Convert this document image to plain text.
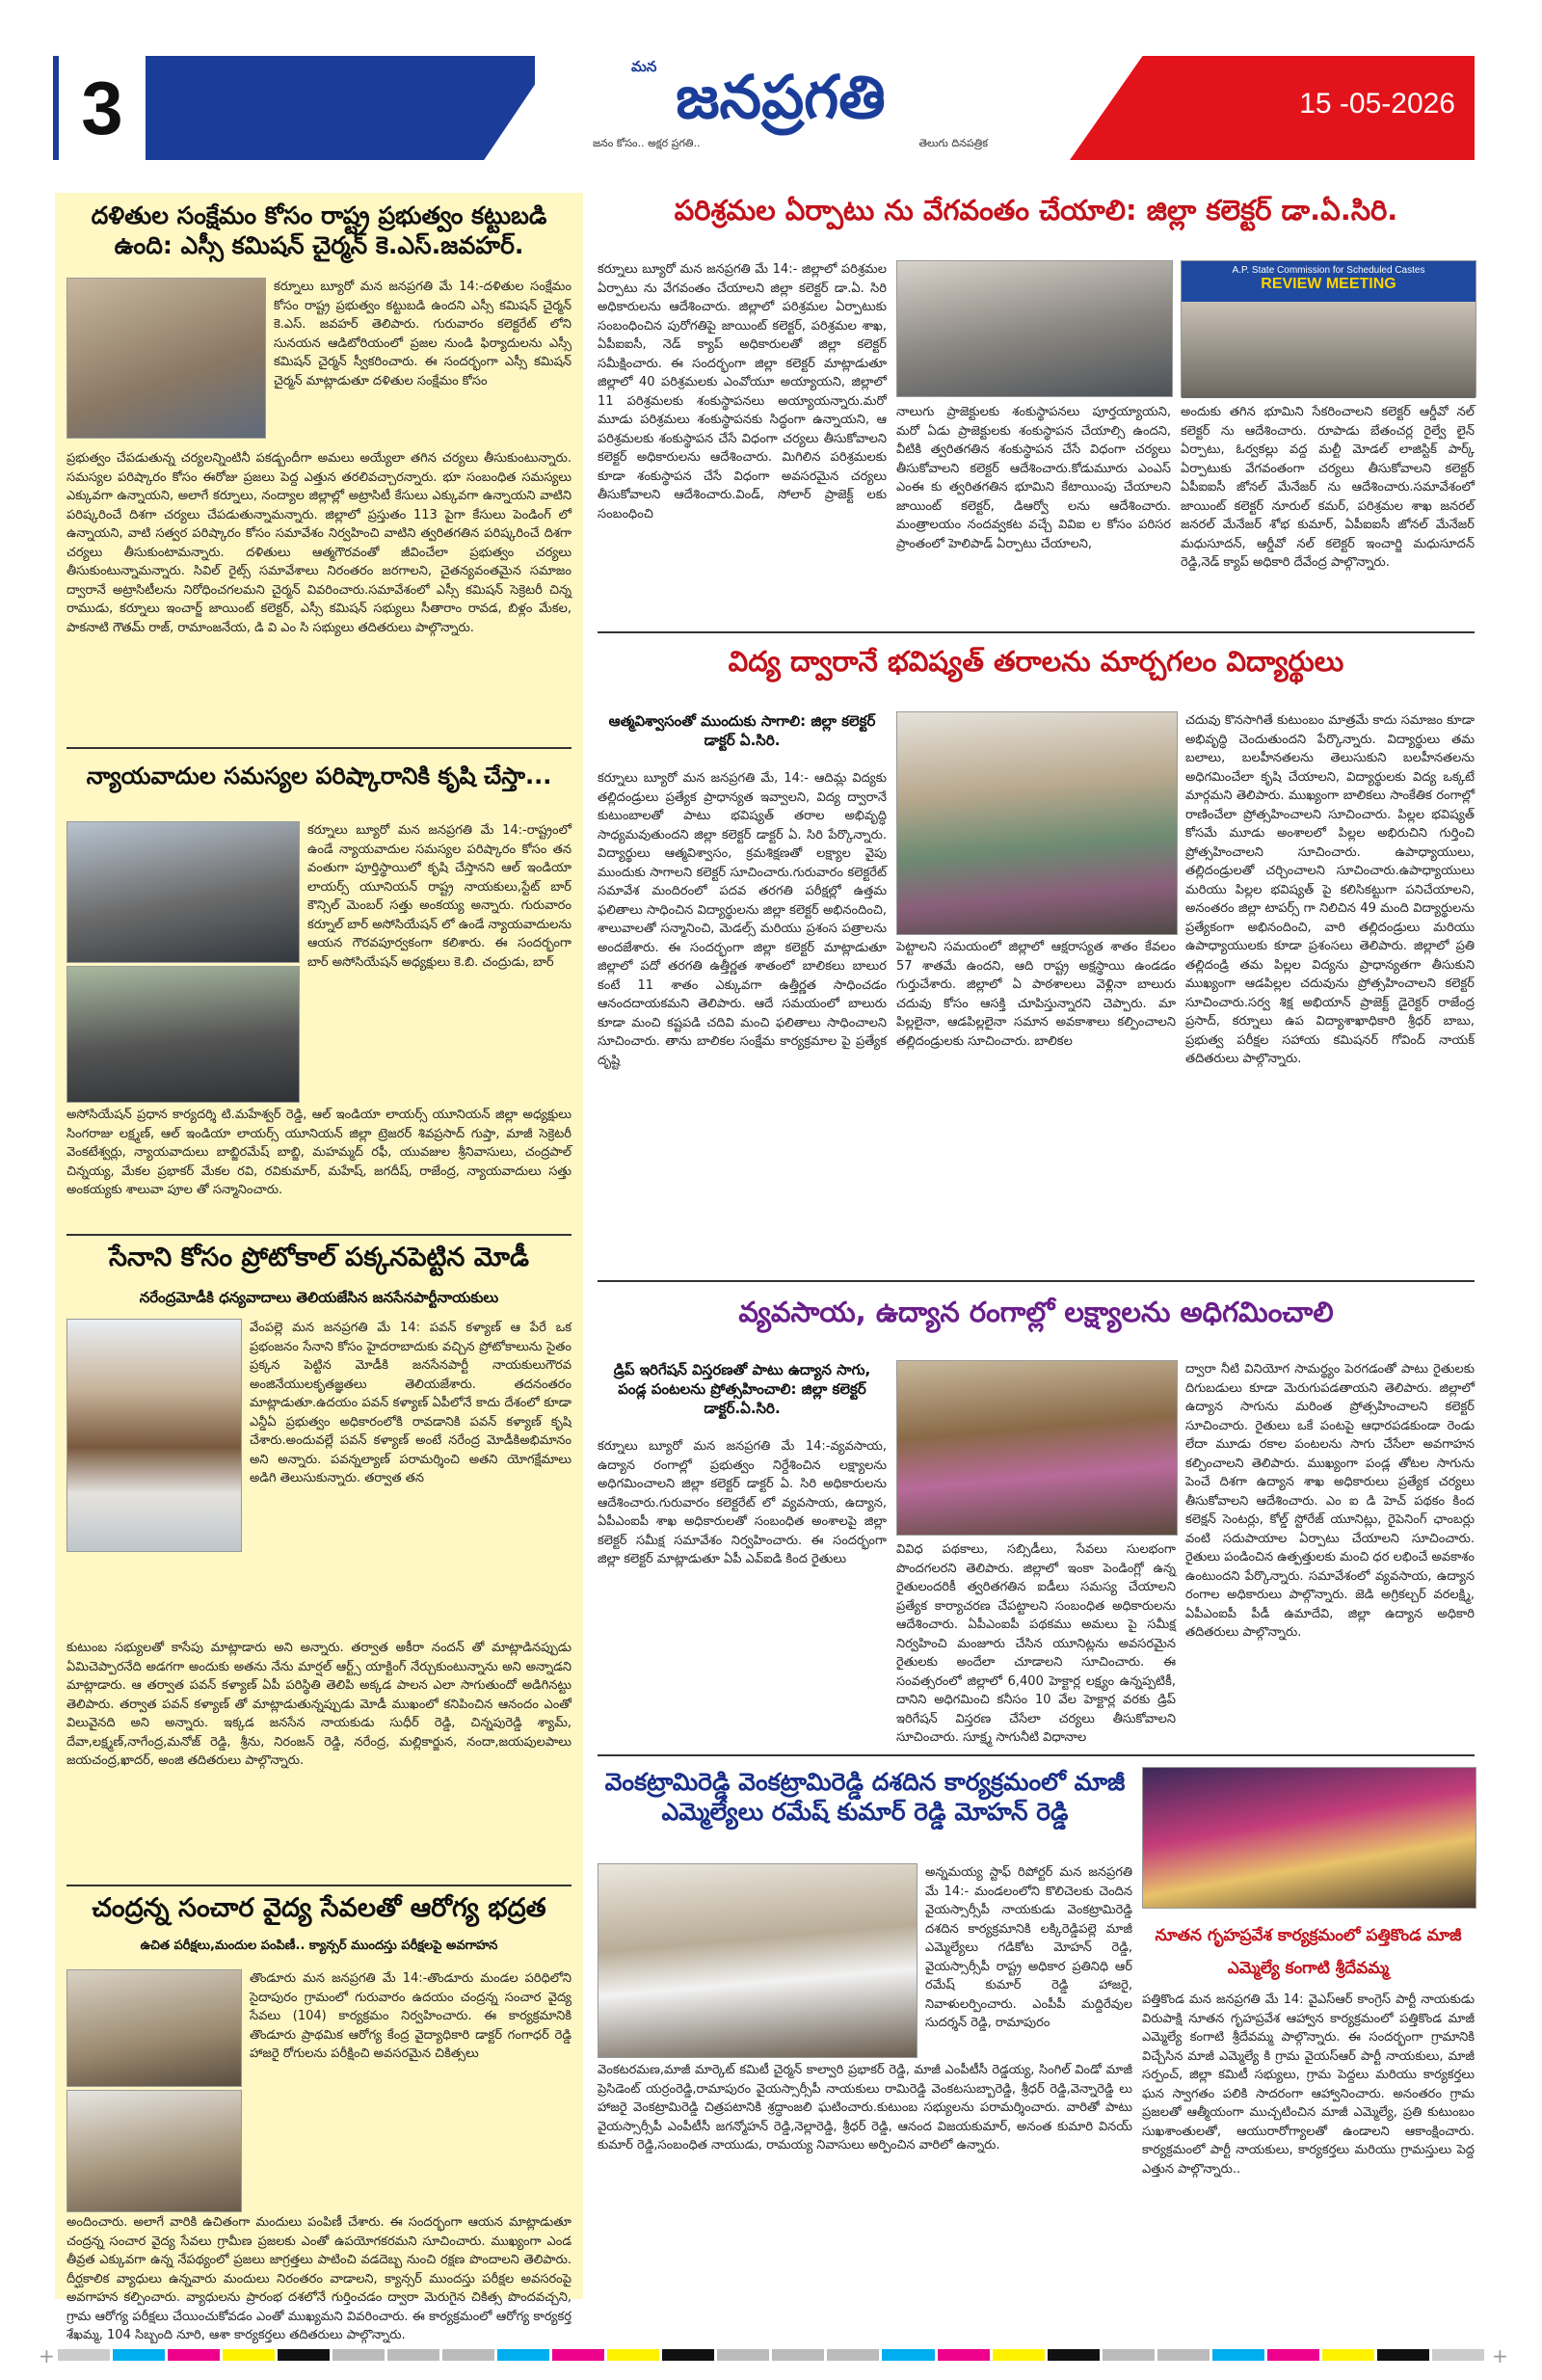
3	మన జనప్రగతి
జనం కోసం.. అక్షర ప్రగతి..	తెలుగు దినపత్రిక
15 -05-2026
దళితుల సంక్షేమం కోసం రాష్ట్ర ప్రభుత్వం కట్టుబడి ఉంది: ఎస్సీ కమిషన్ చైర్మన్ కె.ఎస్.జవహర్.
కర్నూలు బ్యూరో మన జనప్రగతి మే 14:-దళితుల సంక్షేమం కోసం రాష్ట్ర ప్రభుత్వం కట్టుబడి ఉందని ఎస్సీ కమిషన్ చైర్మన్ కె.ఎస్. జవహర్ తెలిపారు. గురువారం కలెక్టరేట్ లోని సునయన ఆడిటోరియంలో ప్రజల నుండి ఫిర్యాదులను ఎస్సీ కమిషన్ చైర్మన్ స్వీకరించారు. ఈ సందర్భంగా ఎస్సీ కమిషన్ చైర్మన్ మాట్లాడుతూ దళితుల సంక్షేమం కోసం
ప్రభుత్వం చేపడుతున్న చర్యలన్నింటినీ పకడ్బందీగా అమలు అయ్యేలా తగిన చర్యలు తీసుకుంటున్నారు. సమస్యల పరిష్కారం కోసం ఈరోజు ప్రజలు పెద్ద ఎత్తున తరలివచ్చారన్నారు. భూ సంబంధిత సమస్యలు ఎక్కువగా ఉన్నాయని, అలాగే కర్నూలు, నంద్యాల జిల్లాల్లో అట్రాసిటీ కేసులు ఎక్కువగా ఉన్నాయని వాటిని పరిష్కరించే దిశగా చర్యలు చేపడుతున్నామన్నారు. జిల్లాలో ప్రస్తుతం 113 పైగా కేసులు పెండింగ్ లో ఉన్నాయని, వాటి సత్వర పరిష్కారం కోసం సమావేశం నిర్వహించి వాటిని త్వరితగతిన పరిష్కరించే దిశగా చర్యలు తీసుకుంటామన్నారు. దళితులు ఆత్మగౌరవంతో జీవించేలా ప్రభుత్వం చర్యలు తీసుకుంటున్నామన్నారు. సివిల్ రైట్స్ సమావేశాలు నిరంతరం జరగాలని, చైతన్యవంతమైన సమాజం ద్వారానే అట్రాసిటీలను నిరోధించగలమని చైర్మన్ వివరించారు.సమావేశంలో ఎస్సీ కమిషన్ సెక్రెటరీ చిన్న రాముడు, కర్నూలు ఇంచార్జ్ జాయింట్ కలెక్టర్, ఎస్సీ కమిషన్ సభ్యులు సీతారాం రావడ, బిళ్లం మేకల, పాకనాటి గౌతమ్ రాజ్, రామాంజనేయ, డి వి ఎం సి సభ్యులు తదితరులు పాల్గొన్నారు.
న్యాయవాదుల సమస్యల పరిష్కారానికి కృషి చేస్తా...
కర్నూలు బ్యూరో మన జనప్రగతి మే 14:-రాష్ట్రంలో ఉండే న్యాయవాదుల సమస్యల పరిష్కారం కోసం తన వంతుగా పూర్తిస్థాయిలో కృషి చేస్తానని ఆల్ ఇండియా లాయర్స్ యూనియన్ రాష్ట్ర నాయకులు,స్టేట్ బార్ కౌన్సిల్ మెంబర్ సత్తు అంకయ్య అన్నారు. గురువారం కర్నూల్ బార్ అసోసియేషన్ లో ఉండే న్యాయవాదులను ఆయన గౌరవపూర్వకంగా కలిశారు. ఈ సందర్భంగా బార్ అసోసియేషన్ అధ్యక్షులు కె.బి. చంద్రుడు, బార్
అసోసియేషన్ ప్రధాన కార్యదర్శి టి.మహేశ్వర్ రెడ్డి, ఆల్ ఇండియా లాయర్స్ యూనియన్ జిల్లా అధ్యక్షులు సింగరాజు లక్ష్మణ్, ఆల్ ఇండియా లాయర్స్ యూనియన్ జిల్లా ట్రెజరర్ శివప్రసాద్ గుప్తా, మాజీ సెక్రెటరీ వెంకటేశ్వర్లు, న్యాయవాదులు బాబ్జిరమేష్ బాబ్జి, మహమ్మద్ రఫీ, యువజుల శ్రీనివాసులు, చంద్రపాల్ చిన్నయ్య, మేకల ప్రభాకర్ మేకల రవి, రవికుమార్, మహేష్, జగదీష్, రాజేంద్ర, న్యాయవాదులు సత్తు అంకయ్యకు శాలువా పూల తో సన్మానించారు.
సేనాని కోసం ప్రోటోకాల్ పక్కనపెట్టిన మోడీ
నరేంద్రమోడీకి ధన్యవాదాలు తెలియజేసిన జనసేనపార్టీనాయకులు
వేంపల్లె మన జనప్రగతి మే 14: పవన్ కళ్యాణ్ ఆ పేరే ఒక ప్రభంజనం సేనాని కోసం హైదరాబాదుకు వచ్చిన ప్రోటోకాలును సైతం ప్రక్కన పెట్టిన మోడీకి జనసేనపార్టీ నాయకులుగౌరవ అంజినేయులకృతజ్ఞతలు తెలియజేశారు. తదనంతరం మాట్లాడుతూ.ఉదయం పవన్ కళ్యాణ్ ఏపీలోనే కాదు దేశంలో కూడా ఎన్డీఏ ప్రభుత్వం అధికారంలోకి రావడానికి పవన్ కళ్యాణ్ కృషి చేశారు.అందువల్లే పవన్ కళ్యాణ్ అంటే నరేంద్ర మోడీకిఅభిమానం అని అన్నారు. పవన్నల్యాణ్ పరామర్శించి అతని యోగక్షేమాలు అడిగి తెలుసుకున్నారు. తర్వాత తన
కుటుంబ సభ్యులతో కాసేపు మాట్లాడారు అని అన్నారు. తర్వాత అకీరా నందన్ తో మాట్లాడినప్పుడు ఏమిచెప్పారనేది అడగగా అందుకు అతను నేను మార్షల్ ఆర్ట్స్ యాక్టింగ్ నేర్చుకుంటున్నాను అని అన్నాడని మాట్లాడారు. ఆ తర్వాత పవన్ కళ్యాణ్ ఏపీ పరిస్థితి తెలిపి అక్కడ పాలన ఎలా సాగుతుందో అడిగినట్టు తెలిపారు. తర్వాత పవన్ కళ్యాణ్ తో మాట్లాడుతున్నప్పుడు మోడీ ముఖంలో కనిపించిన ఆనందం ఎంతో విలువైనది అని అన్నారు. ఇక్కడ జనసేన నాయకుడు సుధీర్ రెడ్డి, చిన్నపురెడ్డి శ్యామ్, దేవా,లక్ష్మణ్,నాగేంద్ర,మనోజ్ రెడ్డి, శ్రీను, నిరంజన్ రెడ్డి, నరేంద్ర, మల్లికార్జున, నందా,జయపులపాలు జయచంద్ర,ఖాదర్, అంజి తదితరులు పాల్గొన్నారు.
చంద్రన్న సంచార వైద్య సేవలతో ఆరోగ్య భద్రత
ఉచిత పరీక్షలు,మందుల పంపిణీ.. క్యాన్సర్ ముందస్తు పరీక్షలపై అవగాహన
తొండూరు మన జనప్రగతి మే 14:-తొండూరు మండల పరిధిలోని సైదాపురం గ్రామంలో గురువారం ఉదయం చంద్రన్న సంచార వైద్య సేవలు (104) కార్యక్రమం నిర్వహించారు. ఈ కార్యక్రమానికి తొండూరు ప్రాథమిక ఆరోగ్య కేంద్ర వైద్యాధికారి డాక్టర్ గంగాధర్ రెడ్డి హాజరై రోగులను పరీక్షించి అవసరమైన చికిత్సలు
అందించారు. అలాగే వారికి ఉచితంగా మందులు పంపిణీ చేశారు. ఈ సందర్భంగా ఆయన మాట్లాడుతూ చంద్రన్న సంచార వైద్య సేవలు గ్రామీణ ప్రజలకు ఎంతో ఉపయోగకరమని సూచించారు. ముఖ్యంగా ఎండ తీవ్రత ఎక్కువగా ఉన్న నేపథ్యంలో ప్రజలు జాగ్రత్తలు పాటించి వడదెబ్బ నుంచి రక్షణ పొందాలని తెలిపారు. దీర్ఘకాలిక వ్యాధులు ఉన్నవారు మందులు నిరంతరం వాడాలని, క్యాన్సర్ ముందస్తు పరీక్షల అవసరంపై అవగాహన కల్పించారు. వ్యాధులను ప్రారంభ దశలోనే గుర్తించడం ద్వారా మెరుగైన చికిత్స పొందవచ్చని, గ్రామ ఆరోగ్య పరీక్షలు చేయించుకోవడం ఎంతో ముఖ్యమని వివరించారు. ఈ కార్యక్రమంలో ఆరోగ్య కార్యకర్త శేఖమ్మ, 104 సిబ్బంది నూరి, ఆశా కార్యకర్తలు తదితరులు పాల్గొన్నారు.
పరిశ్రమల ఏర్పాటు ను వేగవంతం చేయాలి: జిల్లా కలెక్టర్ డా.ఏ.సిరి.
కర్నూలు బ్యూరో మన జనప్రగతి మే 14:- జిల్లాలో పరిశ్రమల ఏర్పాటు ను వేగవంతం చేయాలని జిల్లా కలెక్టర్ డా.ఏ. సిరి అధికారులను ఆదేశించారు. జిల్లాలో పరిశ్రమల ఏర్పాటుకు సంబంధించిన పురోగతిపై జాయింట్ కలెక్టర్, పరిశ్రమల శాఖ, ఏపీఐఐసీ, నెడ్ క్యాప్ అధికారులతో జిల్లా కలెక్టర్ సమీక్షించారు. ఈ సందర్భంగా జిల్లా కలెక్టర్ మాట్లాడుతూ జిల్లాలో 40 పరిశ్రమలకు ఎంవోయూ అయ్యాయని, జిల్లాలో 11 పరిశ్రమలకు శంకుస్థాపనలు అయ్యాయన్నారు.మరో మూడు పరిశ్రమలు శంకుస్థాపనకు సిద్ధంగా ఉన్నాయని, ఆ పరిశ్రమలకు శంకుస్థాపన చేసే విధంగా చర్యలు తీసుకోవాలని కలెక్టర్ అధికారులను ఆదేశించారు. మిగిలిన పరిశ్రమలకు కూడా శంకుస్థాపన చేసే విధంగా అవసరమైన చర్యలు తీసుకోవాలని ఆదేశించారు.విండ్, సోలార్ ప్రాజెక్ట్ లకు సంబంధించి
నాలుగు ప్రాజెక్టులకు శంకుస్థాపనలు పూర్తయ్యాయని, మరో ఏడు ప్రాజెక్టులకు శంకుస్థాపన చేయాల్సి ఉందని, వీటికి త్వరితగతిన శంకుస్థాపన చేసే విధంగా చర్యలు తీసుకోవాలని కలెక్టర్ ఆదేశించారు.కోడుమూరు ఎంఎస్ ఎంఈ కు త్వరితగతిన భూమిని కేటాయింపు చేయాలని జాయింట్ కలెక్టర్, డిఆర్వో లను ఆదేశించారు. మంత్రాలయం నందవ్వకట వచ్చే వివిఐ ల కోసం పరిసర ప్రాంతంలో హెలిపాడ్ ఏర్పాటు చేయాలని,
A.P. State Commission for Scheduled Castes
REVIEW MEETING
అందుకు తగిన భూమిని సేకరించాలని కలెక్టర్ ఆర్డీవో నల్ కలెక్టర్ ను ఆదేశించారు. రూపాడు బేతంచర్ల రైల్వే లైన్ ఏర్పాటు, ఓర్వకల్లు వద్ద మల్టీ మోడల్ లాజిస్టిక్ పార్క్ ఏర్పాటుకు వేగవంతంగా చర్యలు తీసుకోవాలని కలెక్టర్ ఏపీఐఐసీ జోనల్ మేనేజర్ ను ఆదేశించారు.సమావేశంలో జాయింట్ కలెక్టర్ నూరుల్ కమర్, పరిశ్రమల శాఖ జనరల్ జనరల్ మేనేజర్ శోభ కుమార్, ఏపీఐఐసీ జోనల్ మేనేజర్ మధుసూదన్, ఆర్డీవో నల్ కలెక్టర్ ఇంచార్జి మధుసూదన్ రెడ్డి,నెడ్ క్యాప్ అధికారి దేవేంద్ర పాల్గొన్నారు.
విద్య ద్వారానే భవిష్యత్ తరాలను మార్చగలం విద్యార్థులు
ఆత్మవిశ్వాసంతో ముందుకు సాగాలి: జిల్లా కలెక్టర్ డాక్టర్ ఏ.సిరి.
కర్నూలు బ్యూరో మన జనప్రగతి మే, 14:- ఆదిమ్ల విద్యకు తల్లిదండ్రులు ప్రత్యేక ప్రాధాన్యత ఇవ్వాలని, విద్య ద్వారానే కుటుంబాలతో పాటు భవిష్యత్ తరాల అభివృద్ధి సాధ్యమవుతుందని జిల్లా కలెక్టర్ డాక్టర్ ఏ. సిరి పేర్కొన్నారు. విద్యార్థులు ఆత్మవిశ్వాసం, క్రమశిక్షణతో లక్ష్యాల వైపు ముందుకు సాగాలని కలెక్టర్ సూచించారు.గురువారం కలెక్టరేట్ సమావేశ మందిరంలో పదవ తరగతి పరీక్షల్లో ఉత్తమ ఫలితాలు సాధించిన విద్యార్థులను జిల్లా కలెక్టర్ అభినందించి, శాలువాలతో సన్మానించి, మెడల్స్ మరియు ప్రశంస పత్రాలను అందజేశారు. ఈ సందర్భంగా జిల్లా కలెక్టర్ మాట్లాడుతూ జిల్లాలో పదో తరగతి ఉత్తీర్ణత శాతంలో బాలికలు బాలుర కంటే 11 శాతం ఎక్కువగా ఉత్తీర్ణత సాధించడం ఆనందదాయకమని తెలిపారు. ఆదే సమయంలో బాలురు కూడా మంచి కష్టపడి చదివి మంచి ఫలితాలు సాధించాలని సూచించారు. తాను బాలికల సంక్షేమ కార్యక్రమాల పై ప్రత్యేక దృష్టి
పెట్టాలని సమయంలో జిల్లాలో ఆక్షరాస్యత శాతం కేవలం 57 శాతమే ఉందని, ఆది రాష్ట్ర అక్షస్థాయి ఉండడం గుర్తుచేశారు. జిల్లాలో ఏ పాఠశాలలు వెళ్లినా బాలురు చదువు కోసం ఆసక్తి చూపిస్తున్నారని చెప్పారు. మా పిల్లలైనా, ఆడపిల్లలైనా సమాన అవకాశాలు కల్పించాలని తల్లిదండ్రులకు సూచించారు. బాలికల
చదువు కొనసాగితే కుటుంబం మాత్రమే కాదు సమాజం కూడా అభివృద్ధి చెందుతుందని పేర్కొన్నారు. విద్యార్థులు తమ బలాలు, బలహీనతలను తెలుసుకుని బలహీనతలను అధిగమించేలా కృషి చేయాలని, విద్యార్థులకు విద్య ఒక్కటే మార్గమని తెలిపారు. ముఖ్యంగా బాలికలు సాంకేతిక రంగాల్లో రాణించేలా ప్రోత్సహించాలని సూచించారు. పిల్లల భవిష్యత్ కోసమే మూడు అంశాలలో పిల్లల అభిరుచిని గుర్తించి ప్రోత్సహించాలని సూచించారు. ఉపాధ్యాయులు, తల్లిదండ్రులతో చర్చించాలని సూచించారు.ఉపాధ్యాయులు మరియు పిల్లల భవిష్యత్ పై కలిసికట్టుగా పనిచేయాలని, అనంతరం జిల్లా టాపర్స్ గా నిలిచిన 49 మంది విద్యార్థులను ప్రత్యేకంగా అభినందించి, వారి తల్లిదండ్రులు మరియు ఉపాధ్యాయులకు కూడా ప్రశంసలు తెలిపారు. జిల్లాలో ప్రతి తల్లిదండ్రి తమ పిల్లల విద్యను ప్రాధాన్యతగా తీసుకుని ముఖ్యంగా ఆడపిల్లల చదువును ప్రోత్సహించాలని కలెక్టర్ సూచించారు.సర్వ శిక్ష అభియాన్ ప్రాజెక్ట్ డైరెక్టర్ రాజేంద్ర ప్రసాద్, కర్నూలు ఉప విద్యాశాఖాధికారి శ్రీధర్ బాబు, ప్రభుత్వ పరీక్షల సహాయ కమిషనర్ గోవింద్ నాయక్ తదితరులు పాల్గొన్నారు.
వ్యవసాయ, ఉద్యాన రంగాల్లో లక్ష్యాలను అధిగమించాలి
డ్రిప్ ఇరిగేషన్ విస్తరణతో పాటు ఉద్యాన సాగు, పండ్ల పంటలను ప్రోత్సహించాలి: జిల్లా కలెక్టర్ డాక్టర్.ఏ.సిరి.
కర్నూలు బ్యూరో మన జనప్రగతి మే 14:-వ్యవసాయ, ఉద్యాన రంగాల్లో ప్రభుత్వం నిర్దేశించిన లక్ష్యాలను అధిగమించాలని జిల్లా కలెక్టర్ డాక్టర్ ఏ. సిరి అధికారులను ఆదేశించారు.గురువారం కలెక్టరేట్ లో వ్యవసాయ, ఉద్యాన, ఏపీఎంఐపీ శాఖ అధికారులతో సంబంధిత అంశాలపై జిల్లా కలెక్టర్ సమీక్ష సమావేశం నిర్వహించారు. ఈ సందర్భంగా జిల్లా కలెక్టర్ మాట్లాడుతూ ఏపీ ఎవ్ఐడి కింద రైతులు
వివిధ పథకాలు, సబ్సిడీలు, సేవలు సులభంగా పొందగలరని తెలిపారు. జిల్లాలో ఇంకా పెండింగ్లో ఉన్న రైతులందరికీ త్వరితగతిన ఐడీలు సమస్య చేయాలని ప్రత్యేక కార్యాచరణ చేపట్టాలని సంబంధిత అధికారులను ఆదేశించారు. ఏపీఎంఐపీ పథకము అమలు పై సమీక్ష నిర్వహించి మంజూరు చేసిన యూనిట్లను అవసరమైన రైతులకు అందేలా చూడాలని సూచించారు. ఈ సంవత్సరంలో జిల్లాలో 6,400 హెక్టార్ల లక్ష్యం ఉన్నప్పటికీ, దానిని అధిగమించి కనీసం 10 వేల హెక్టార్ల వరకు డ్రిప్ ఇరిగేషన్ విస్తరణ చేసేలా చర్యలు తీసుకోవాలని సూచించారు. సూక్ష్మ సాగునీటి విధానాల
ద్వారా నీటి వినియోగ సామర్థ్యం పెరగడంతో పాటు రైతులకు దిగుబడులు కూడా మెరుగుపడతాయని తెలిపారు. జిల్లాలో ఉద్యాన సాగును మరింత ప్రోత్సహించాలని కలెక్టర్ సూచించారు. రైతులు ఒకే పంటపై ఆధారపడకుండా రెండు లేదా మూడు రకాల పంటలను సాగు చేసేలా అవగాహన కల్పించాలని తెలిపారు. ముఖ్యంగా పండ్ల తోటల సాగును పెంచే దిశగా ఉద్యాన శాఖ అధికారులు ప్రత్యేక చర్యలు తీసుకోవాలని ఆదేశించారు. ఎం ఐ డి హెచ్ పథకం కింద కలెక్షన్ సెంటర్లు, కోల్డ్ స్టోరేజ్ యూనిట్లు, రైపెనింగ్ ఛాంబర్లు వంటి సదుపాయాల ఏర్పాటు చేయాలని సూచించారు. రైతులు పండించిన ఉత్పత్తులకు మంచి ధర లభించే అవకాశం ఉంటుందని పేర్కొన్నారు. సమావేశంలో వ్యవసాయ, ఉద్యాన రంగాల అధికారులు పాల్గొన్నారు. జెడి అగ్రికల్చర్ వరలక్ష్మి, ఏపీఎంఐపీ పీడీ ఉమాదేవి, జిల్లా ఉద్యాన అధికారి తదితరులు పాల్గొన్నారు.
వెంకట్రామిరెడ్డి వెంకట్రామిరెడ్డి దశదిన కార్యక్రమంలో మాజీ ఎమ్మెల్యేలు రమేష్ కుమార్ రెడ్డి మోహన్ రెడ్డి
అన్నమయ్య స్టాఫ్ రిపోర్టర్ మన జనప్రగతి మే 14:- మండలంలోని కొలిచెలకు చెందిన వైయస్సార్సీపీ నాయకుడు వెంకట్రామిరెడ్డి దశదిన కార్యక్రమానికి లక్కిరెడ్డిపల్లె మాజీ ఎమ్మెల్యేలు గడికోట మోహన్ రెడ్డి, వైయస్సార్సీపీ రాష్ట్ర అధికార ప్రతినిధి ఆర్ రమేష్ కుమార్ రెడ్డి హాజరై, నివాళులర్పించారు. ఎంపీపీ మద్దిరేవుల సుదర్శన్ రెడ్డి, రామాపురం
వెంకటరమణ,మాజీ మార్కెట్ కమిటీ చైర్మన్ కాల్వారి ప్రభాకర్ రెడ్డి, మాజీ ఎంపీటీసీ రెడ్డయ్య, సింగిల్ విండో మాజీ ప్రెసిడెంట్ యర్రంరెడ్డి,రామాపురం వైయస్సార్సీపీ నాయకులు రామిరెడ్డి వెంకటసుబ్బారెడ్డి, శ్రీధర్ రెడ్డి,వెన్నారెడ్డి లు హాజరై వెంకట్రామిరెడ్డి చిత్రపటానికి శ్రద్ధాంజలి ఘటించారు.కుటుంబ సభ్యులను పరామర్శించారు. వారితో పాటు వైయస్సార్సీపీ ఎంపీటీసీ జగన్మోహన్ రెడ్డి,నెల్లారెడ్డి, శ్రీధర్ రెడ్డి, ఆనంద విజయకుమార్, అనంత కుమారి వినయ్ కుమార్ రెడ్డి,సంబంధిత నాయుడు, రామయ్య నివాసులు అర్పించిన వారిలో ఉన్నారు.
నూతన గృహప్రవేశ కార్యక్రమంలో పత్తికొండ మాజీ ఎమ్మెల్యే కంగాటి శ్రీదేవమ్మ
పత్తికొండ మన జనప్రగతి మే 14: వైఎస్ఆర్ కాంగ్రెస్ పార్టీ నాయకుడు విరుపాక్షి నూతన గృహప్రవేశ ఆహ్వాన కార్యక్రమంలో పత్తికొండ మాజీ ఎమ్మెల్యే కంగాటి శ్రీదేవమ్మ పాల్గొన్నారు. ఈ సందర్భంగా గ్రామానికి విచ్చేసిన మాజీ ఎమ్మెల్యే కి గ్రామ వైయస్ఆర్ పార్టీ నాయకులు, మాజీ సర్పంచ్, జిల్లా కమిటీ సభ్యులు, గ్రామ పెద్దలు మరియు కార్యకర్తలు ఘన స్వాగతం పలికి సాదరంగా ఆహ్వానించారు. అనంతరం గ్రామ ప్రజలతో ఆత్మీయంగా ముచ్చటించిన మాజీ ఎమ్మెల్యే, ప్రతి కుటుంబం సుఖశాంతులతో, ఆయురారోగ్యాలతో ఉండాలని ఆకాంక్షించారు. కార్యక్రమంలో పార్టీ నాయకులు, కార్యకర్తలు మరియు గ్రామస్తులు పెద్ద ఎత్తున పాల్గొన్నారు..
+	+
